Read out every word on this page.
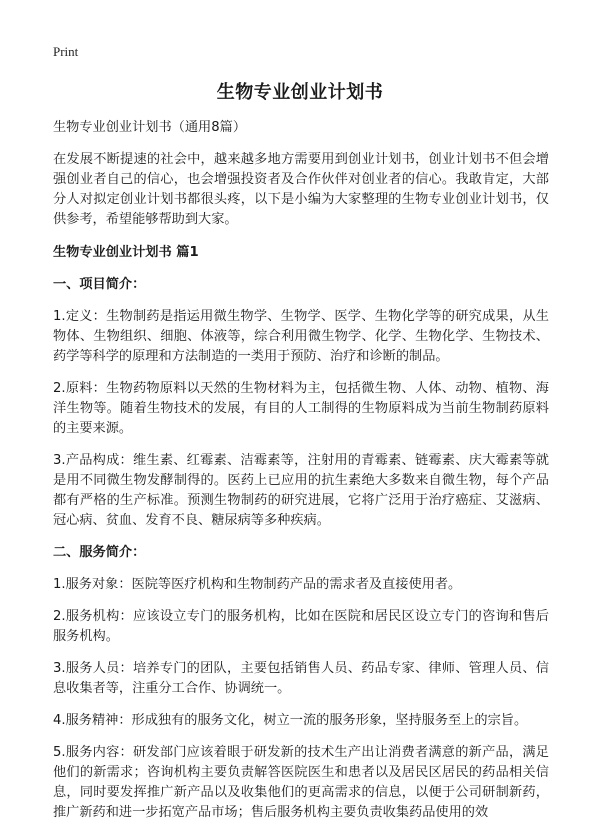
Print
生物专业创业计划书

生物专业创业计划书（通用8篇）

在发展不断提速的社会中，越来越多地方需要用到创业计划书，创业计划书不但会增强创业者自己的信心，也会增强投资者及合作伙伴对创业者的信心。我敢肯定，大部分人对拟定创业计划书都很头疼，以下是小编为大家整理的生物专业创业计划书，仅供参考，希望能够帮助到大家。

生物专业创业计划书 篇1

一、项目简介：

1.定义：生物制药是指运用微生物学、生物学、医学、生物化学等的研究成果，从生物体、生物组织、细胞、体液等，综合利用微生物学、化学、生物化学、生物技术、药学等科学的原理和方法制造的一类用于预防、治疗和诊断的制品。

2.原料：生物药物原料以天然的生物材料为主，包括微生物、人体、动物、植物、海洋生物等。随着生物技术的发展，有目的人工制得的生物原料成为当前生物制药原料的主要来源。

3.产品构成：维生素、红霉素、洁霉素等，注射用的青霉素、链霉素、庆大霉素等就是用不同微生物发酵制得的。医药上已应用的抗生素绝大多数来自微生物，每个产品都有严格的生产标准。预测生物制药的研究进展，它将广泛用于治疗癌症、艾滋病、冠心病、贫血、发育不良、糖尿病等多种疾病。

二、服务简介：

1.服务对象：医院等医疗机构和生物制药产品的需求者及直接使用者。

2.服务机构：应该设立专门的服务机构，比如在医院和居民区设立专门的咨询和售后服务机构。

3.服务人员：培养专门的团队，主要包括销售人员、药品专家、律师、管理人员、信息收集者等，注重分工合作、协调统一。

4.服务精神：形成独有的服务文化，树立一流的服务形象，坚持服务至上的宗旨。

5.服务内容：研发部门应该着眼于研发新的技术生产出让消费者满意的新产品，满足他们的新需求；咨询机构主要负责解答医院医生和患者以及居民区居民的药品相关信息，同时要发挥推广新产品以及收集他们的更高需求的信息，以便于公司研制新药，推广新药和进一步拓宽产品市场；售后服务机构主要负责收集药品使用的效
